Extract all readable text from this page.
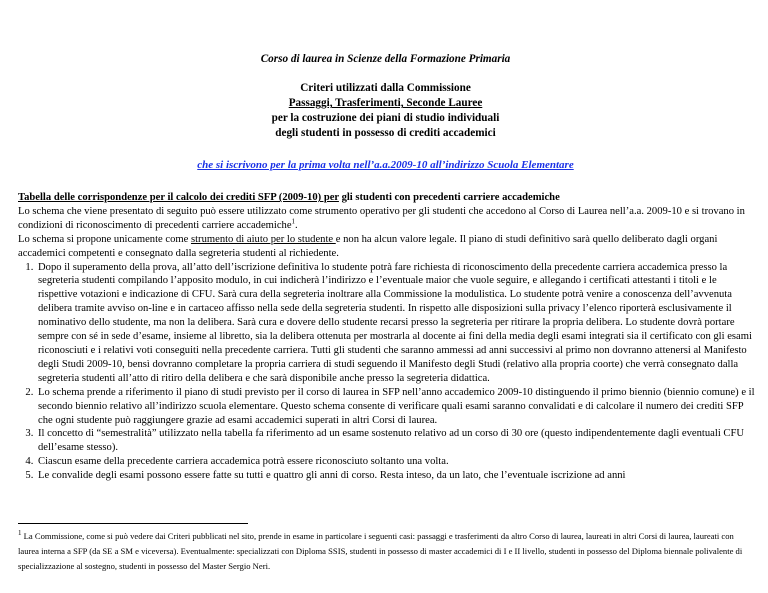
Corso di laurea in Scienze della Formazione Primaria
Criteri utilizzati dalla Commissione
Passaggi, Trasferimenti, Seconde Lauree
per la costruzione dei piani di studio individuali
degli studenti in possesso di crediti accademici
che si iscrivono per la prima volta nell’a.a.2009-10 all’indirizzo Scuola Elementare

Tabella delle corrispondenze per il calcolo dei crediti SFP (2009-10) per gli studenti con precedenti carriere accademiche

Lo schema che viene presentato di seguito può essere utilizzato come strumento operativo per gli studenti che accedono al Corso di Laurea nell’a.a. 2009-10 e si trovano in condizioni di riconoscimento di precedenti carriere accademiche$^1$.

Lo schema si propone unicamente come strumento di aiuto per lo studente e non ha alcun valore legale. Il piano di studi definitivo sarà quello deliberato dagli organi accademici competenti e consegnato dalla segreteria studenti al richiedente.

1. Dopo il superamento della prova, all’atto dell’iscrizione definitiva lo studente potrà fare richiesta di riconoscimento della precedente carriera accademica presso la segreteria studenti compilando l’apposito modulo, in cui indicherà l’indirizzo e l’eventuale maior che vuole seguire, e allegando i certificati attestanti i titoli e le rispettive votazioni e indicazione di CFU. Sarà cura della segreteria inoltrare alla Commissione la modulistica. Lo studente potrà venire a conoscenza dell’avvenuta delibera tramite avviso on-line e in cartaceo affisso nella sede della segreteria studenti. In rispetto alle disposizioni sulla privacy l’elenco riporterà esclusivamente il nominativo dello studente, ma non la delibera. Sarà cura e dovere dello studente recarsi presso la segreteria per ritirare la propria delibera. Lo studente dovrà portare sempre con sé in sede d’esame, insieme al libretto, sia la delibera ottenuta per mostrarla al docente ai fini della media degli esami integrati sia il certificato con gli esami riconosciuti e i relativi voti conseguiti nella precedente carriera. Tutti gli studenti che saranno ammessi ad anni successivi al primo non dovranno attenersi al Manifesto degli Studi 2009-10, bensì dovranno completare la propria carriera di studi seguendo il Manifesto degli Studi (relativo alla propria coorte) che verrà consegnato dalla segreteria studenti all’atto di ritiro della delibera e che sarà disponibile anche presso la segreteria didattica.
2. Lo schema prende a riferimento il piano di studi previsto per il corso di laurea in SFP nell’anno accademico 2009-10 distinguendo il primo biennio (biennio comune) e il secondo biennio relativo all’indirizzo scuola elementare. Questo schema consente di verificare quali esami saranno convalidati e di calcolare il numero dei crediti SFP che ogni studente può raggiungere grazie ad esami accademici superati in altri Corsi di laurea.
3. Il concetto di “semestralità” utilizzato nella tabella fa riferimento ad un esame sostenuto relativo ad un corso di 30 ore (questo indipendentemente dagli eventuali CFU dell’esame stesso).
4. Ciascun esame della precedente carriera accademica potrà essere riconosciuto soltanto una volta.
5. Le convalide degli esami possono essere fatte su tutti e quattro gli anni di corso. Resta inteso, da un lato, che l’eventuale iscrizione ad anni
$^1$ La Commissione, come si può vedere dai Criteri pubblicati nel sito, prende in esame in particolare i seguenti casi: passaggi e trasferimenti da altro Corso di laurea, laureati in altri Corsi di laurea, laureati con laurea interna a SFP (da SE a SM e viceversa). Eventualmente: specializzati con Diploma SSIS, studenti in possesso di master accademici di I e II livello, studenti in possesso del Diploma biennale polivalente di specializzazione al sostegno, studenti in possesso del Master Sergio Neri.
